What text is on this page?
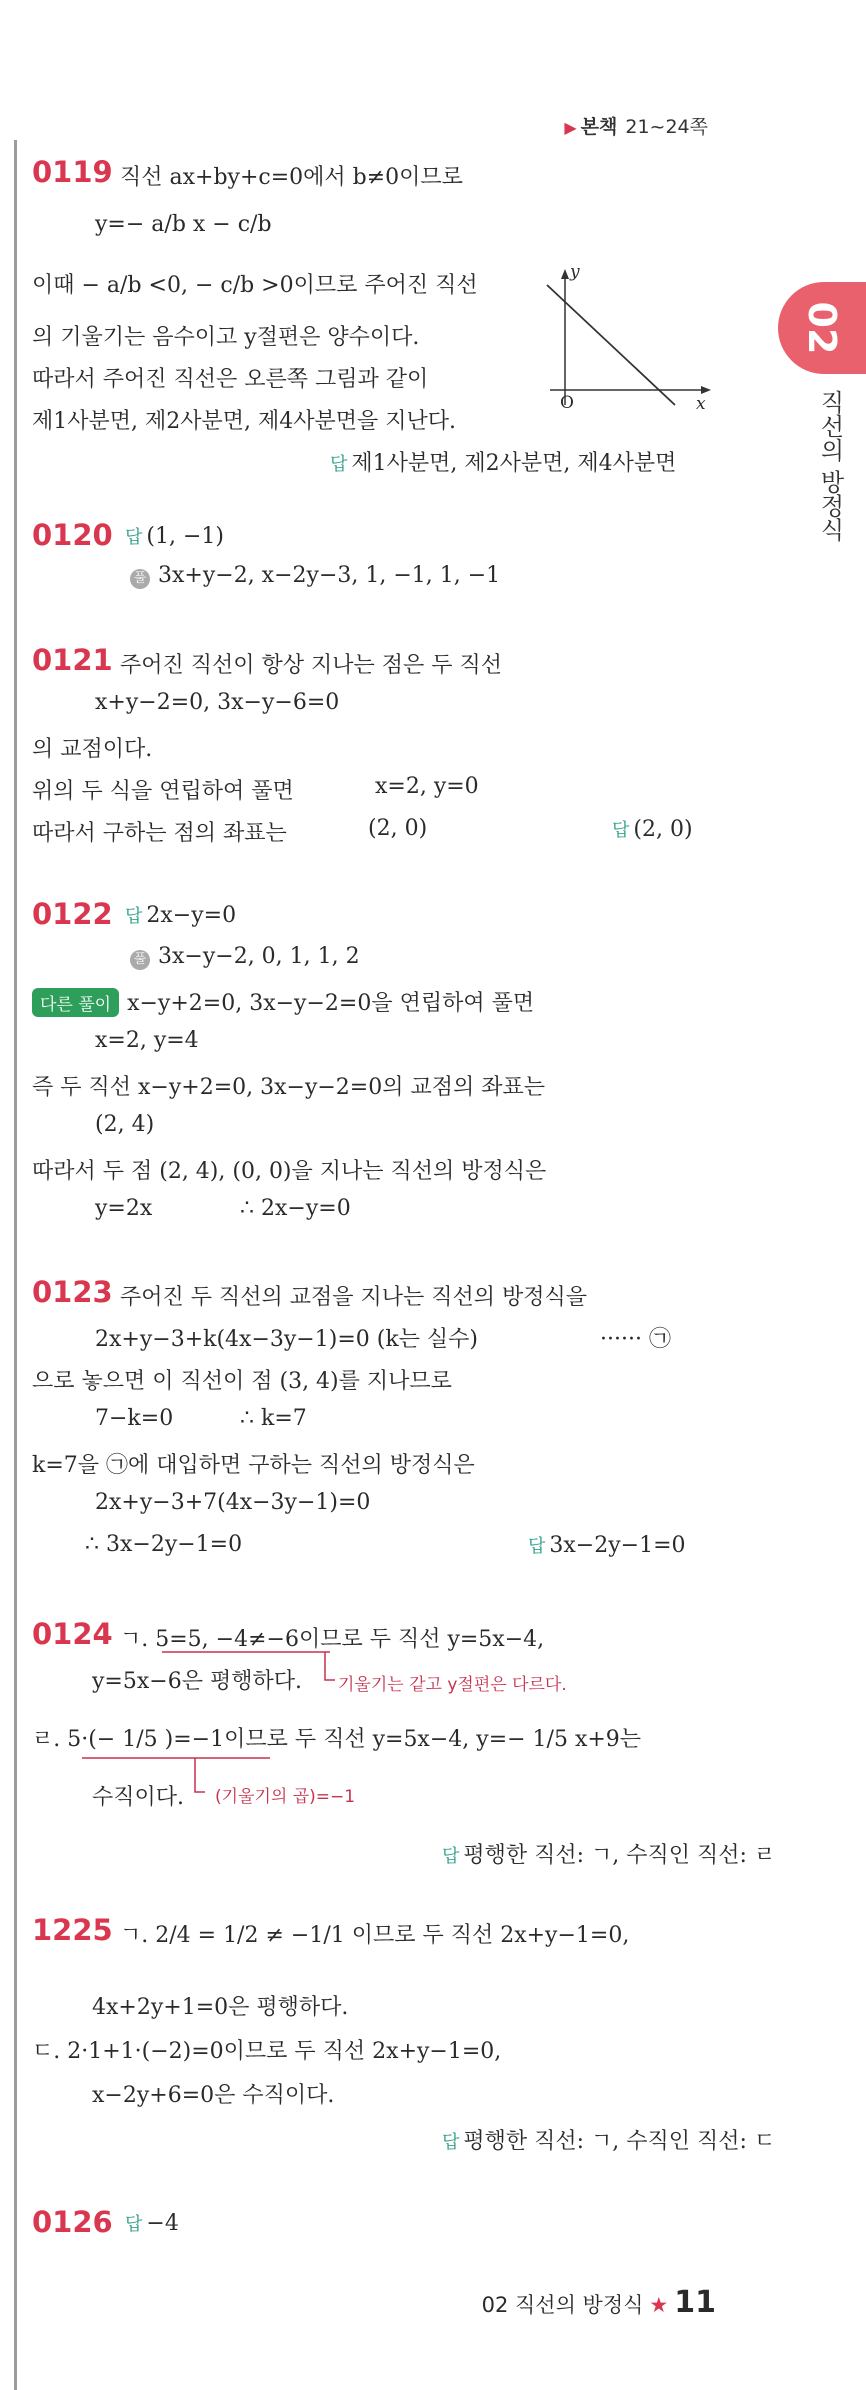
▶ 본책 21~24쪽
02
직선의 방정식
0119 직선 ax+by+c=0에서 b≠0이므로
y=− a/b x − c/b
이때 − a/b <0, − c/b >0이므로 주어진 직선
의 기울기는 음수이고 y절편은 양수이다.
따라서 주어진 직선은 오른쪽 그림과 같이
제1사분면, 제2사분면, 제4사분면을 지난다.
답 제1사분면, 제2사분면, 제4사분면
y
x
O
0120 답 (1, −1)
풀 3x+y−2, x−2y−3, 1, −1, 1, −1
0121 주어진 직선이 항상 지나는 점은 두 직선
x+y−2=0, 3x−y−6=0
의 교점이다.
위의 두 식을 연립하여 풀면	x=2, y=0
따라서 구하는 점의 좌표는	(2, 0)	답 (2, 0)
0122 답 2x−y=0
풀 3x−y−2, 0, 1, 1, 2
다른 풀이 x−y+2=0, 3x−y−2=0을 연립하여 풀면
x=2, y=4
즉 두 직선 x−y+2=0, 3x−y−2=0의 교점의 좌표는
(2, 4)
따라서 두 점 (2, 4), (0, 0)을 지나는 직선의 방정식은
y=2x	∴ 2x−y=0
0123 주어진 두 직선의 교점을 지나는 직선의 방정식을
2x+y−3+k(4x−3y−1)=0 (k는 실수)	······ ㉠
으로 놓으면 이 직선이 점 (3, 4)를 지나므로
7−k=0	∴ k=7
k=7을 ㉠에 대입하면 구하는 직선의 방정식은
2x+y−3+7(4x−3y−1)=0
∴ 3x−2y−1=0	답 3x−2y−1=0
0124 ㄱ. 5=5, −4≠−6이므로 두 직선 y=5x−4,
y=5x−6은 평행하다. 기울기는 같고 y절편은 다르다.
ㄹ. 5·(− 1/5 )=−1이므로 두 직선 y=5x−4, y=− 1/5 x+9는
수직이다. (기울기의 곱)=−1
답 평행한 직선: ㄱ, 수직인 직선: ㄹ
1225 ㄱ. 2/4 = 1/2 ≠ −1/1 이므로 두 직선 2x+y−1=0,
4x+2y+1=0은 평행하다.
ㄷ. 2·1+1·(−2)=0이므로 두 직선 2x+y−1=0,
x−2y+6=0은 수직이다.
답 평행한 직선: ㄱ, 수직인 직선: ㄷ
0126 답 −4
02 직선의 방정식 ★ 11
